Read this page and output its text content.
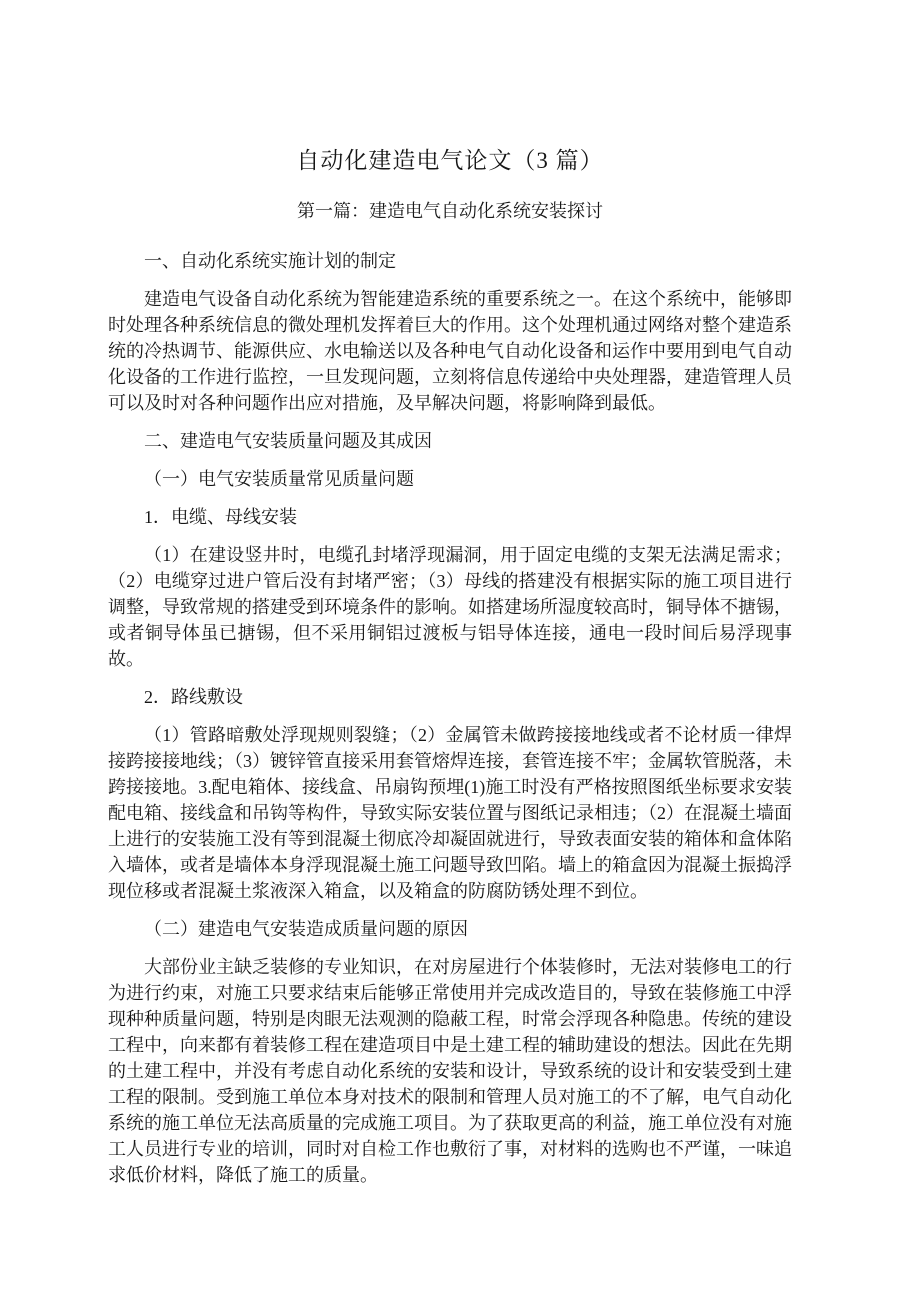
自动化建造电气论文（3 篇）
第一篇：建造电气自动化系统安装探讨
一、自动化系统实施计划的制定
建造电气设备自动化系统为智能建造系统的重要系统之一。在这个系统中，能够即时处理各种系统信息的微处理机发挥着巨大的作用。这个处理机通过网络对整个建造系统的冷热调节、能源供应、水电输送以及各种电气自动化设备和运作中要用到电气自动化设备的工作进行监控，一旦发现问题，立刻将信息传递给中央处理器，建造管理人员可以及时对各种问题作出应对措施，及早解决问题，将影响降到最低。
二、建造电气安装质量问题及其成因
（一）电气安装质量常见质量问题
1．电缆、母线安装
（1）在建设竖井时，电缆孔封堵浮现漏洞，用于固定电缆的支架无法满足需求；（2）电缆穿过进户管后没有封堵严密；（3）母线的搭建没有根据实际的施工项目进行调整，导致常规的搭建受到环境条件的影响。如搭建场所湿度较高时，铜导体不搪锡，或者铜导体虽已搪锡，但不采用铜铝过渡板与铝导体连接，通电一段时间后易浮现事故。
2．路线敷设
（1）管路暗敷处浮现规则裂缝；（2）金属管未做跨接接地线或者不论材质一律焊接跨接接地线；（3）镀锌管直接采用套管熔焊连接，套管连接不牢；金属软管脱落，未跨接接地。3.配电箱体、接线盒、吊扇钩预埋(1)施工时没有严格按照图纸坐标要求安装配电箱、接线盒和吊钩等构件，导致实际安装位置与图纸记录相违；（2）在混凝土墙面上进行的安装施工没有等到混凝土彻底冷却凝固就进行，导致表面安装的箱体和盒体陷入墙体，或者是墙体本身浮现混凝土施工问题导致凹陷。墙上的箱盒因为混凝土振捣浮现位移或者混凝土浆液深入箱盒，以及箱盒的防腐防锈处理不到位。
（二）建造电气安装造成质量问题的原因
大部份业主缺乏装修的专业知识，在对房屋进行个体装修时，无法对装修电工的行为进行约束，对施工只要求结束后能够正常使用并完成改造目的，导致在装修施工中浮现种种质量问题，特别是肉眼无法观测的隐蔽工程，时常会浮现各种隐患。传统的建设工程中，向来都有着装修工程在建造项目中是土建工程的辅助建设的想法。因此在先期的土建工程中，并没有考虑自动化系统的安装和设计，导致系统的设计和安装受到土建工程的限制。受到施工单位本身对技术的限制和管理人员对施工的不了解，电气自动化系统的施工单位无法高质量的完成施工项目。为了获取更高的利益，施工单位没有对施工人员进行专业的培训，同时对自检工作也敷衍了事，对材料的选购也不严谨，一味追求低价材料，降低了施工的质量。
